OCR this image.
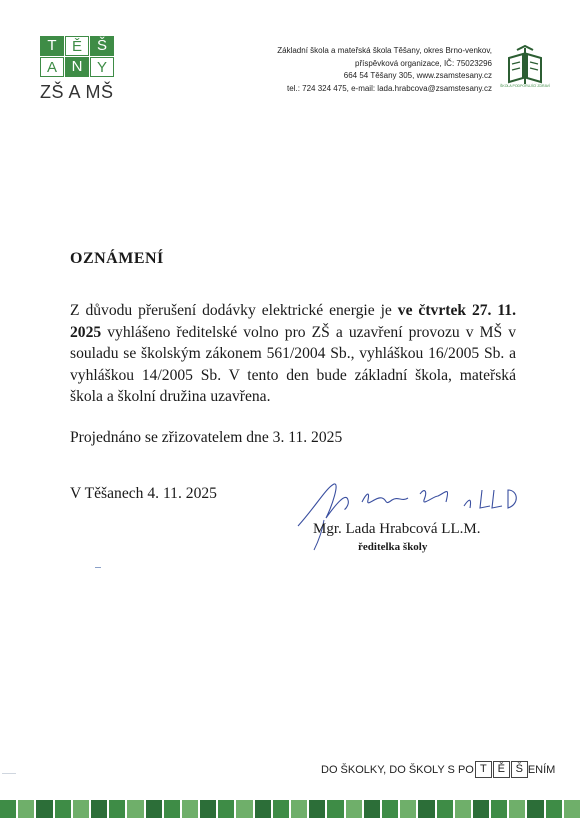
T	Ě Š
A N Y
ZŠ A MŠ
Základní škola a mateřská škola Těšany, okres Brno-venkov,
příspěvková organizace, IČ: 75023296
664 54 Těšany 305, www.zsamstesany.cz
tel.: 724 324 475, e-mail: lada.hrabcova@zsamstesany.cz	ŠKOLA PODPORUJÍCÍ ZDRAVÍ
OZNÁMENÍ
Z důvodu přerušení dodávky elektrické energie je ve čtvrtek 27. 11. 2025 vyhlášeno ředitelské volno pro ZŠ a uzavření provozu v MŠ v souladu se školským zákonem 561/2004 Sb., vyhláškou 16/2005 Sb. a vyhláškou 14/2005 Sb. V tento den bude základní škola, mateřská škola a školní družina uzavřena.
Projednáno se zřizovatelem dne 3. 11. 2025
V Těšanech 4. 11. 2025
Mgr. Lada Hrabcová LL.M.
ředitelka školy
DO ŠKOLKY, DO ŠKOLY S PO T Ě Š ENÍM
